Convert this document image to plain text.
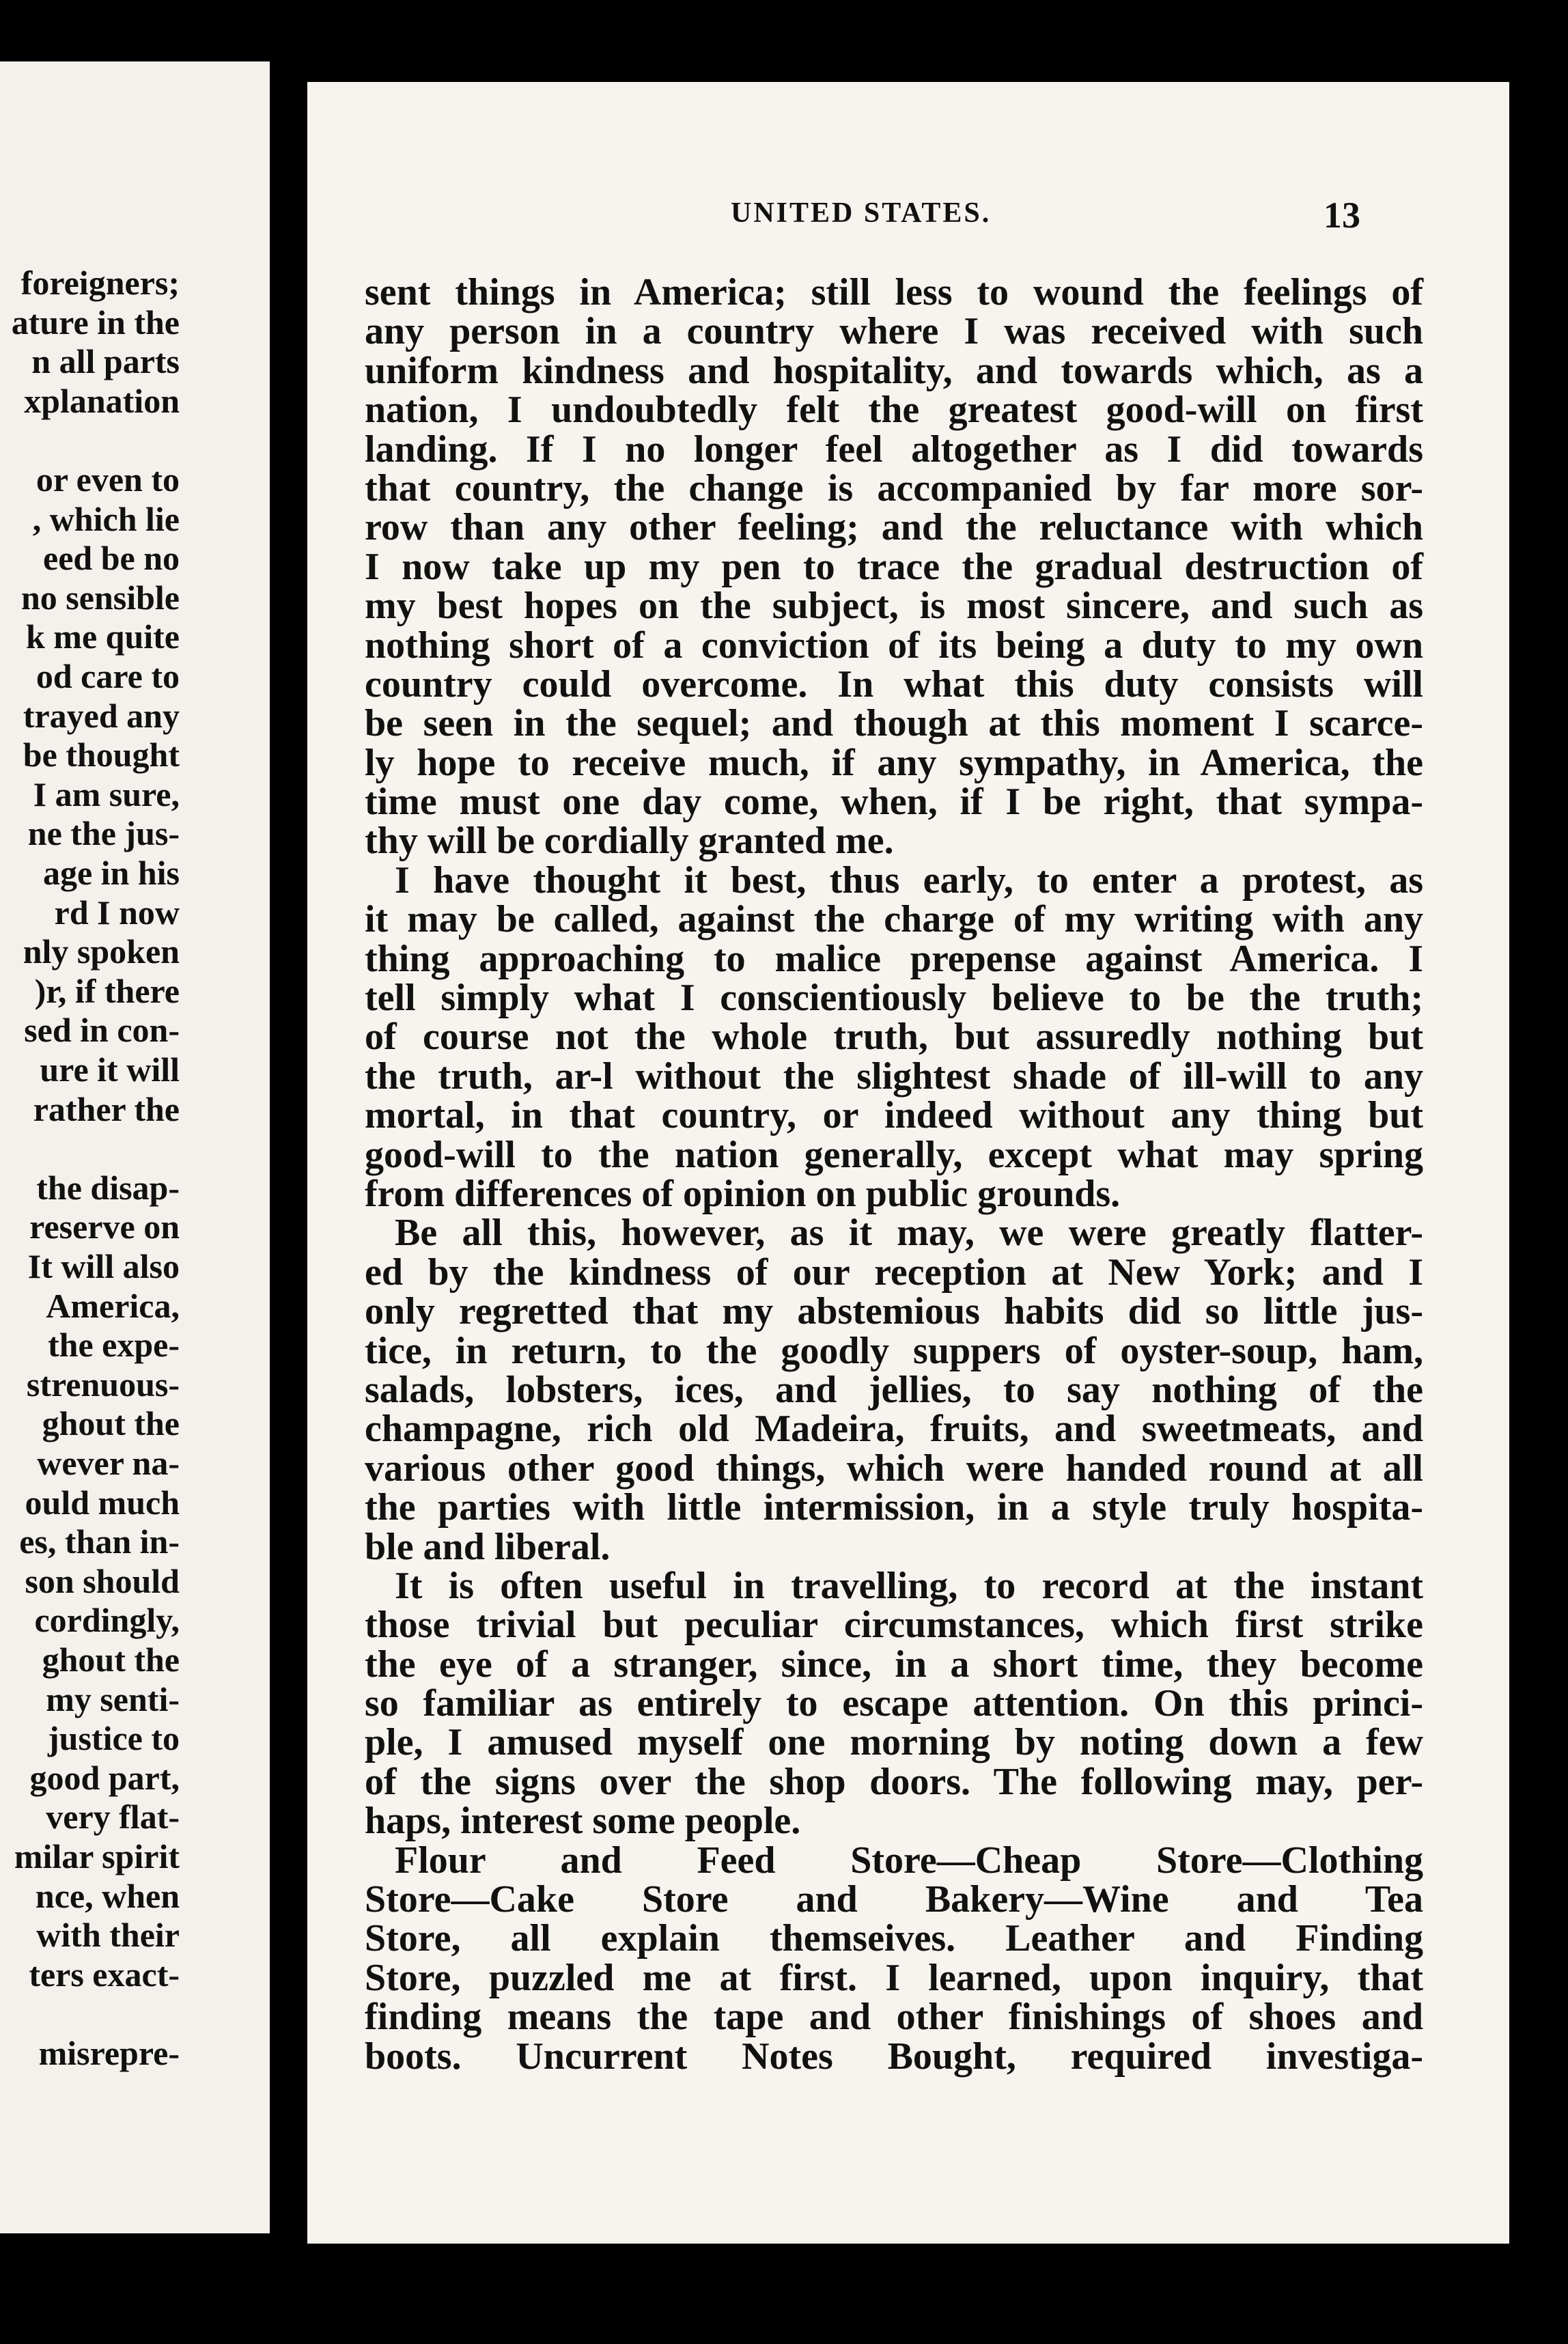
foreigners;
ature in the
n all parts
xplanation
or even to
, which lie
eed be no
no sensible
k me quite
od care to
trayed any
be thought
I am sure,
ne the jus-
age in his
rd I now
nly spoken
)r, if there
sed in con-
ure it will
rather the
the disap-
reserve on
It will also
America,
the expe-
strenuous-
ghout the
wever na-
ould much
es, than in-
son should
cordingly,
ghout the
my senti-
justice to
good part,
very flat-
milar spirit
nce, when
with their
ters exact-
misrepre-
UNITED STATES.	13
sent things in America; still less to wound the feelings of
any person in a country where I was received with such
uniform kindness and hospitality, and towards which, as a
nation, I undoubtedly felt the greatest good-will on first
landing. If I no longer feel altogether as I did towards
that country, the change is accompanied by far more sor-
row than any other feeling; and the reluctance with which
I now take up my pen to trace the gradual destruction of
my best hopes on the subject, is most sincere, and such as
nothing short of a conviction of its being a duty to my own
country could overcome. In what this duty consists will
be seen in the sequel; and though at this moment I scarce-
ly hope to receive much, if any sympathy, in America, the
time must one day come, when, if I be right, that sympa-
thy will be cordially granted me.
I have thought it best, thus early, to enter a protest, as
it may be called, against the charge of my writing with any
thing approaching to malice prepense against America. I
tell simply what I conscientiously believe to be the truth;
of course not the whole truth, but assuredly nothing but
the truth, ar-l without the slightest shade of ill-will to any
mortal, in that country, or indeed without any thing but
good-will to the nation generally, except what may spring
from differences of opinion on public grounds.
Be all this, however, as it may, we were greatly flatter-
ed by the kindness of our reception at New York; and I
only regretted that my abstemious habits did so little jus-
tice, in return, to the goodly suppers of oyster-soup, ham,
salads, lobsters, ices, and jellies, to say nothing of the
champagne, rich old Madeira, fruits, and sweetmeats, and
various other good things, which were handed round at all
the parties with little intermission, in a style truly hospita-
ble and liberal.
It is often useful in travelling, to record at the instant
those trivial but peculiar circumstances, which first strike
the eye of a stranger, since, in a short time, they become
so familiar as entirely to escape attention. On this princi-
ple, I amused myself one morning by noting down a few
of the signs over the shop doors. The following may, per-
haps, interest some people.
Flour and Feed Store—Cheap Store—Clothing
Store—Cake Store and Bakery—Wine and Tea
Store, all explain themseives. Leather and Finding
Store, puzzled me at first. I learned, upon inquiry, that
finding means the tape and other finishings of shoes and
boots. Uncurrent Notes Bought, required investiga-
